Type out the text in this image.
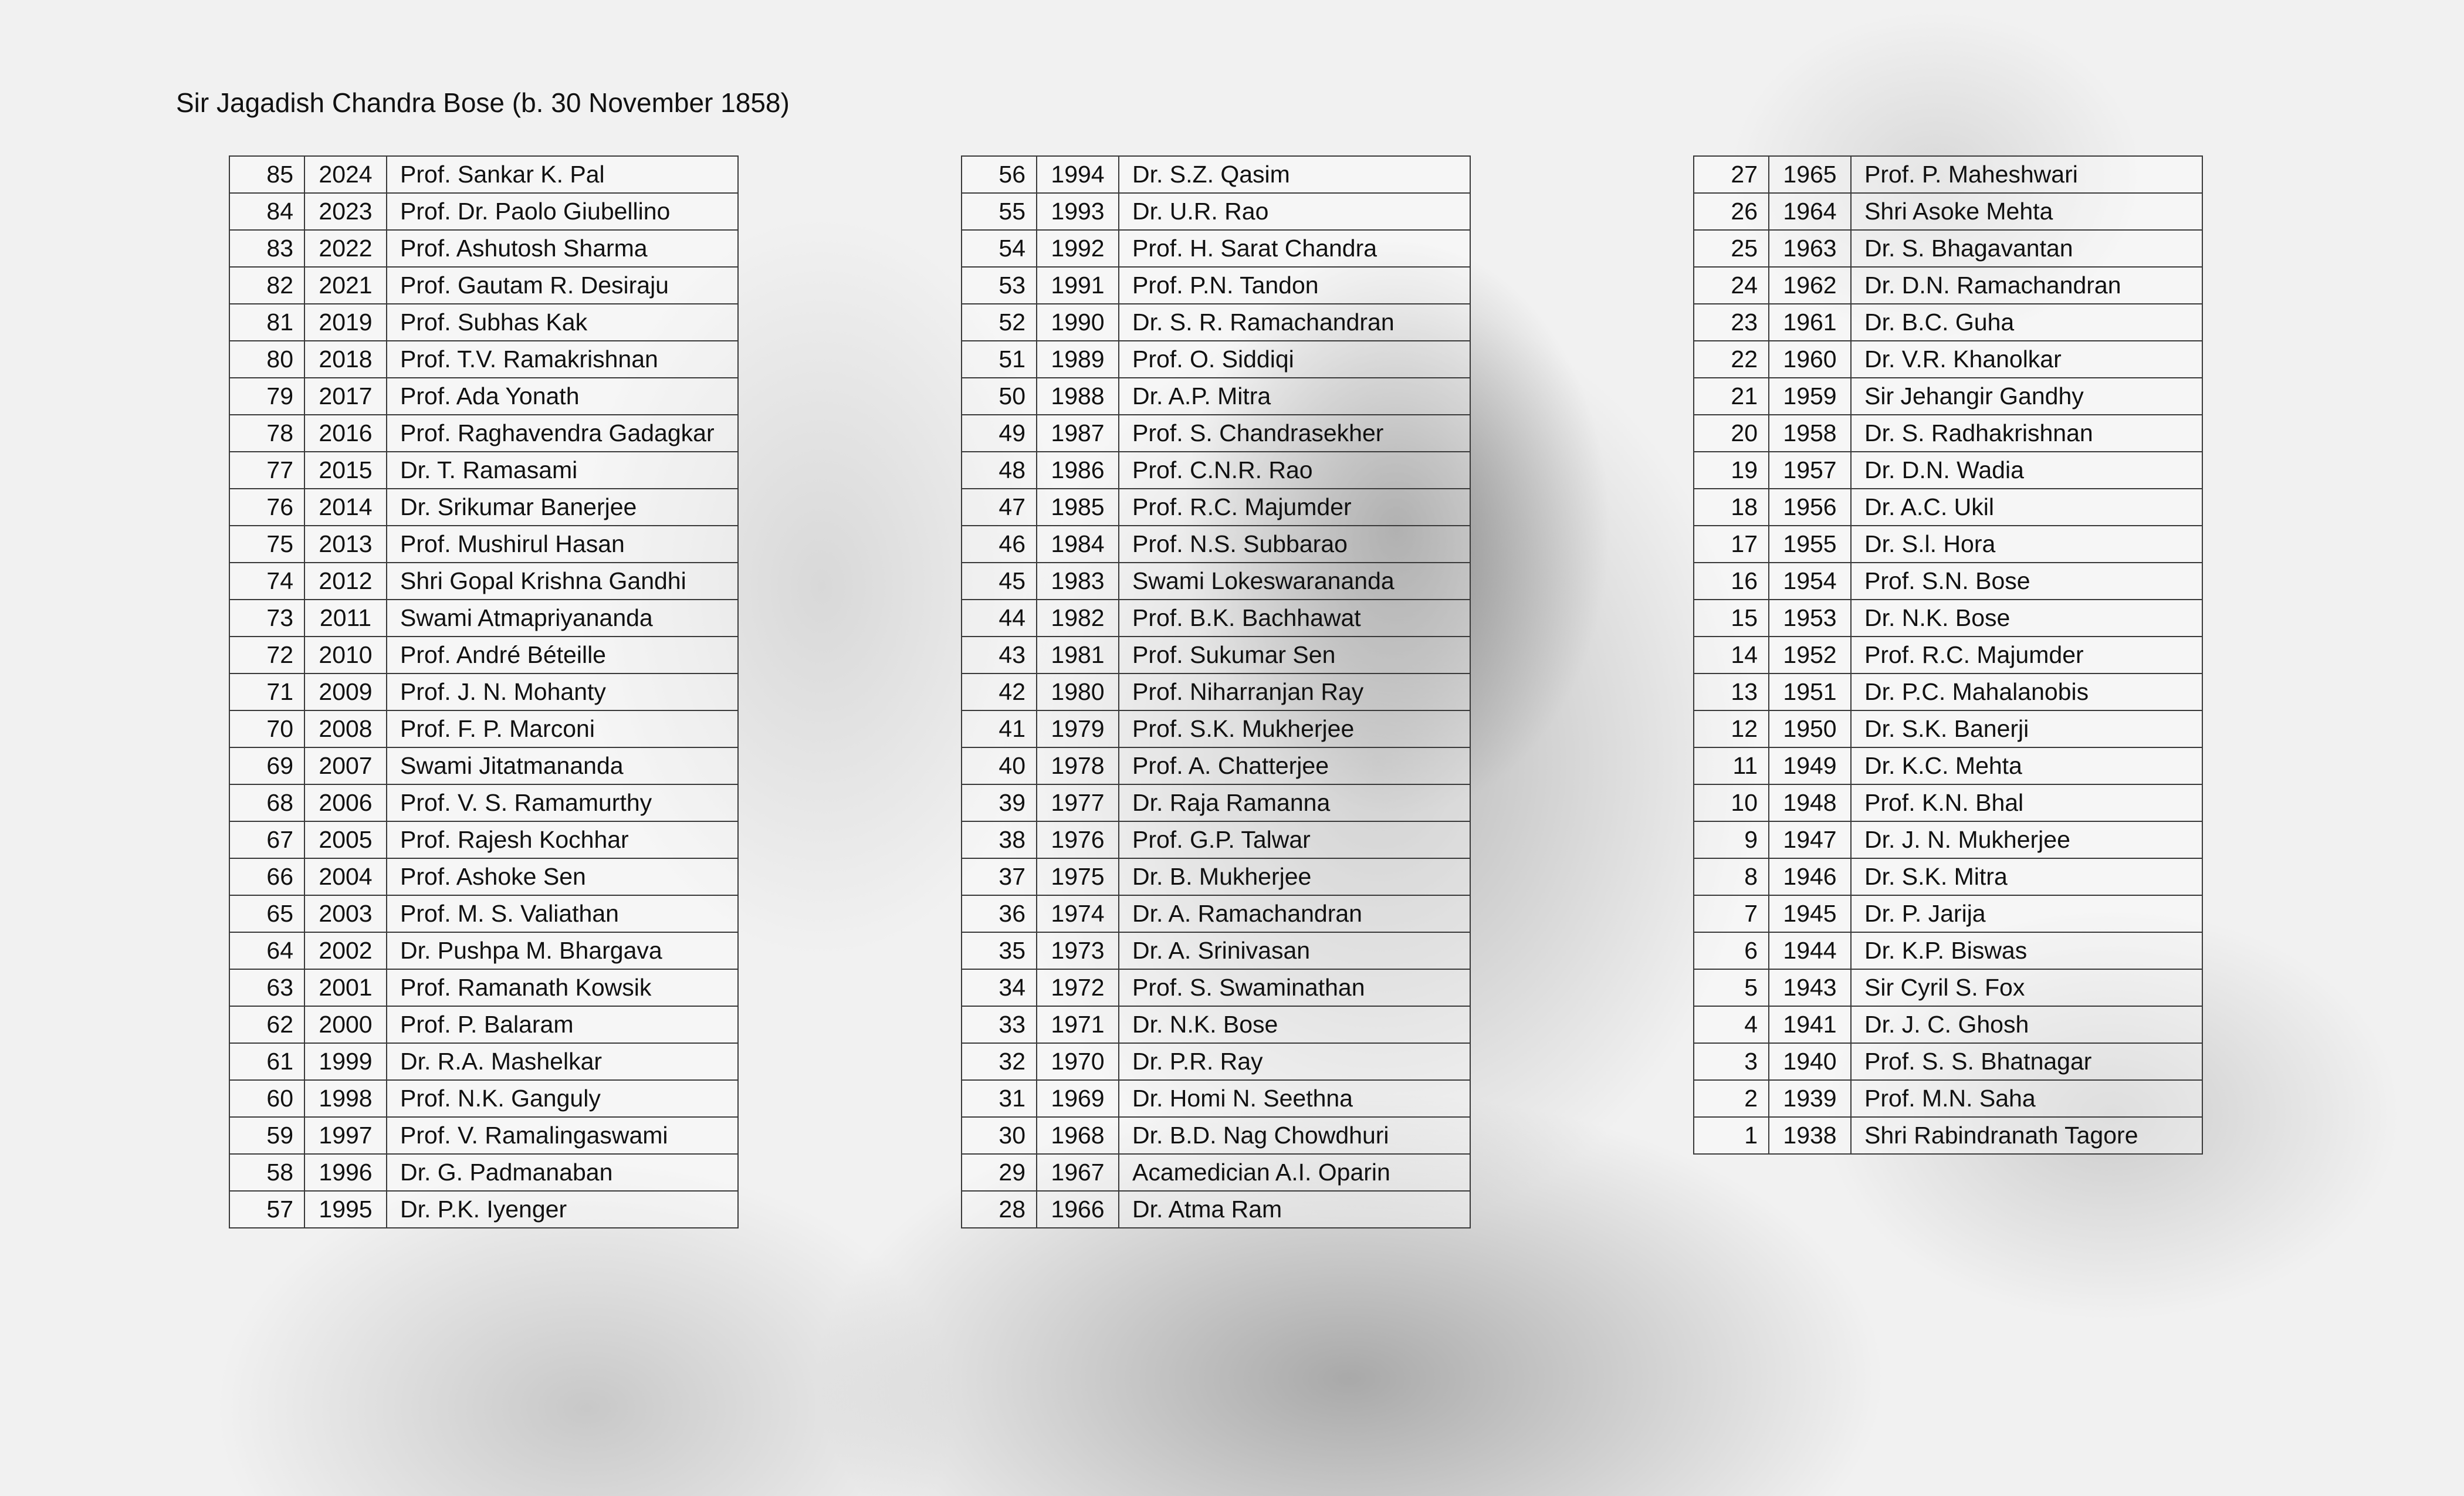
Sir Jagadish Chandra Bose (b. 30 November 1858)
85	2024	Prof. Sankar K. Pal
84	2023	Prof. Dr. Paolo Giubellino
83	2022	Prof. Ashutosh Sharma
82	2021	Prof. Gautam R. Desiraju
81	2019	Prof. Subhas Kak
80	2018	Prof. T.V. Ramakrishnan
79	2017	Prof. Ada Yonath
78	2016	Prof. Raghavendra Gadagkar
77	2015	Dr. T. Ramasami
76	2014	Dr. Srikumar Banerjee
75	2013	Prof. Mushirul Hasan
74	2012	Shri Gopal Krishna Gandhi
73	2011	Swami Atmapriyananda
72	2010	Prof. André Béteille
71	2009	Prof. J. N. Mohanty
70	2008	Prof. F. P. Marconi
69	2007	Swami Jitatmananda
68	2006	Prof. V. S. Ramamurthy
67	2005	Prof. Rajesh Kochhar
66	2004	Prof. Ashoke Sen
65	2003	Prof. M. S. Valiathan
64	2002	Dr. Pushpa M. Bhargava
63	2001	Prof. Ramanath Kowsik
62	2000	Prof. P. Balaram
61	1999	Dr. R.A. Mashelkar
60	1998	Prof. N.K. Ganguly
59	1997	Prof. V. Ramalingaswami
58	1996	Dr. G. Padmanaban
57	1995	Dr. P.K. Iyenger
56	1994	Dr. S.Z. Qasim
55	1993	Dr. U.R. Rao
54	1992	Prof. H. Sarat Chandra
53	1991	Prof. P.N. Tandon
52	1990	Dr. S. R. Ramachandran
51	1989	Prof. O. Siddiqi
50	1988	Dr. A.P. Mitra
49	1987	Prof. S. Chandrasekher
48	1986	Prof. C.N.R. Rao
47	1985	Prof. R.C. Majumder
46	1984	Prof. N.S. Subbarao
45	1983	Swami Lokeswarananda
44	1982	Prof. B.K. Bachhawat
43	1981	Prof. Sukumar Sen
42	1980	Prof. Niharranjan Ray
41	1979	Prof. S.K. Mukherjee
40	1978	Prof. A. Chatterjee
39	1977	Dr. Raja Ramanna
38	1976	Prof. G.P. Talwar
37	1975	Dr. B. Mukherjee
36	1974	Dr. A. Ramachandran
35	1973	Dr. A. Srinivasan
34	1972	Prof. S. Swaminathan
33	1971	Dr. N.K. Bose
32	1970	Dr. P.R. Ray
31	1969	Dr. Homi N. Seethna
30	1968	Dr. B.D. Nag Chowdhuri
29	1967	Acamedician A.I. Oparin
28	1966	Dr. Atma Ram
27	1965	Prof. P. Maheshwari
26	1964	Shri Asoke Mehta
25	1963	Dr. S. Bhagavantan
24	1962	Dr. D.N. Ramachandran
23	1961	Dr. B.C. Guha
22	1960	Dr. V.R. Khanolkar
21	1959	Sir Jehangir Gandhy
20	1958	Dr. S. Radhakrishnan
19	1957	Dr. D.N. Wadia
18	1956	Dr. A.C. Ukil
17	1955	Dr. S.l. Hora
16	1954	Prof. S.N. Bose
15	1953	Dr. N.K. Bose
14	1952	Prof. R.C. Majumder
13	1951	Dr. P.C. Mahalanobis
12	1950	Dr. S.K. Banerji
11	1949	Dr. K.C. Mehta
10	1948	Prof. K.N. Bhal
9	1947	Dr. J. N. Mukherjee
8	1946	Dr. S.K. Mitra
7	1945	Dr. P. Jarija
6	1944	Dr. K.P. Biswas
5	1943	Sir Cyril S. Fox
4	1941	Dr. J. C. Ghosh
3	1940	Prof. S. S. Bhatnagar
2	1939	Prof. M.N. Saha
1	1938	Shri Rabindranath Tagore
